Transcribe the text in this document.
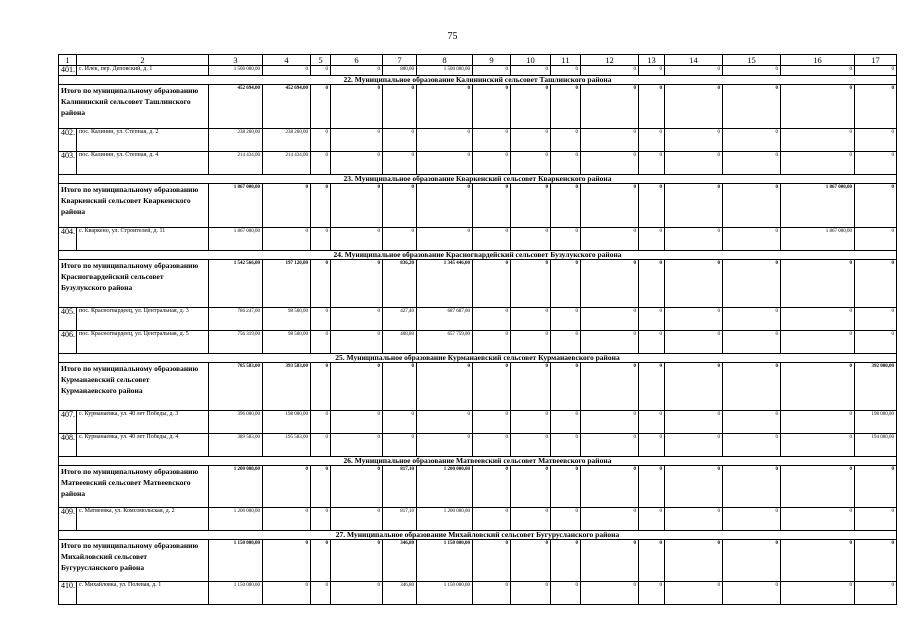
75
1	2	3	4	5	6	7	8	9	10	11	12	13	14	15	16	17
401.	с. Илек, пер. Деповский, д. 1	1 500 000,00	0	0	0	800,00	1 500 000,00	0	0	0	0	0	0	0	0	0
22. Муниципальное образование Калининский сельсовет Ташлинского района																
Итого по муниципальному образованию Калининский сельсовет Ташлинского района		452 694,00	452 694,00	0	0	0	0	0	0	0	0	0	0	0	0	0
402.	пос. Калинин, ул. Степная, д. 2	238 260,00	238 260,00	0	0	0	0	0	0	0	0	0	0	0	0	0
403.	пос. Калинин, ул. Степная, д. 4	214 434,00	214 434,00	0	0	0	0	0	0	0	0	0	0	0	0	0
23. Муниципальное образование Кваркенский сельсовет Кваркенского района																
Итого по муниципальному образованию Кваркенский сельсовет Кваркенского района		1 867 000,00	0	0	0	0	0	0	0	0	0	0	0	0	1 867 000,00	0
404.	с. Кваркено, ул. Строителей, д. 11	1 867 000,00	0	0	0	0	0	0	0	0	0	0	0	0	1 867 000,00	0
24. Муниципальное образование Красногвардейский сельсовет Бузулукского района																
Итого по муниципальному образованию Красногвардейский сельсовет Бузулукского района		1 542 566,00	197 120,00	0	0	836,20	1 345 446,00	0	0	0	0	0	0	0	0	0
405.	пос. Красногвардеец, ул. Центральная, д. 3	786 247,00	98 560,00	0	0	427,40	687 687,00	0	0	0	0	0	0	0	0	0
406.	пос. Красногвардеец, ул. Центральная, д. 5	756 319,00	98 560,00	0	0	408,80	657 759,00	0	0	0	0	0	0	0	0	0
25. Муниципальное образование Курманаевский сельсовет Курманаевского района																
Итого по муниципальному образованию Курманаевский сельсовет Курманаевского района		785 583,00	393 583,00	0	0	0	0	0	0	0	0	0	0	0	0	392 000,00
407.	с. Курманаевка, ул. 40 лет Победы, д. 3	396 000,00	198 000,00	0	0	0	0	0	0	0	0	0	0	0	0	198 000,00
408.	с. Курманаевка, ул. 40 лет Победы, д. 4	389 583,00	195 583,00	0	0	0	0	0	0	0	0	0	0	0	0	194 000,00
26. Муниципальное образование Матвеевский сельсовет Матвеевского района																
Итого по муниципальному образованию Матвеевский сельсовет Матвеевского района		1 200 000,00	0	0	0	817,10	1 200 000,00	0	0	0	0	0	0	0	0	0
409.	с. Матвеевка, ул. Комсомольская, д. 2	1 200 000,00	0	0	0	817,10	1 200 000,00	0	0	0	0	0	0	0	0	0
27. Муниципальное образование Михайловский сельсовет Бугурусланского района																
Итого по муниципальному образованию Михайловский сельсовет Бугурусланского района		1 150 000,00	0	0	0	346,80	1 150 000,00	0	0	0	0	0	0	0	0	0
410.	с. Михайловка, ул. Полевая, д. 1	1 150 000,00	0	0	0	346,80	1 150 000,00	0	0	0	0	0	0	0	0	0
